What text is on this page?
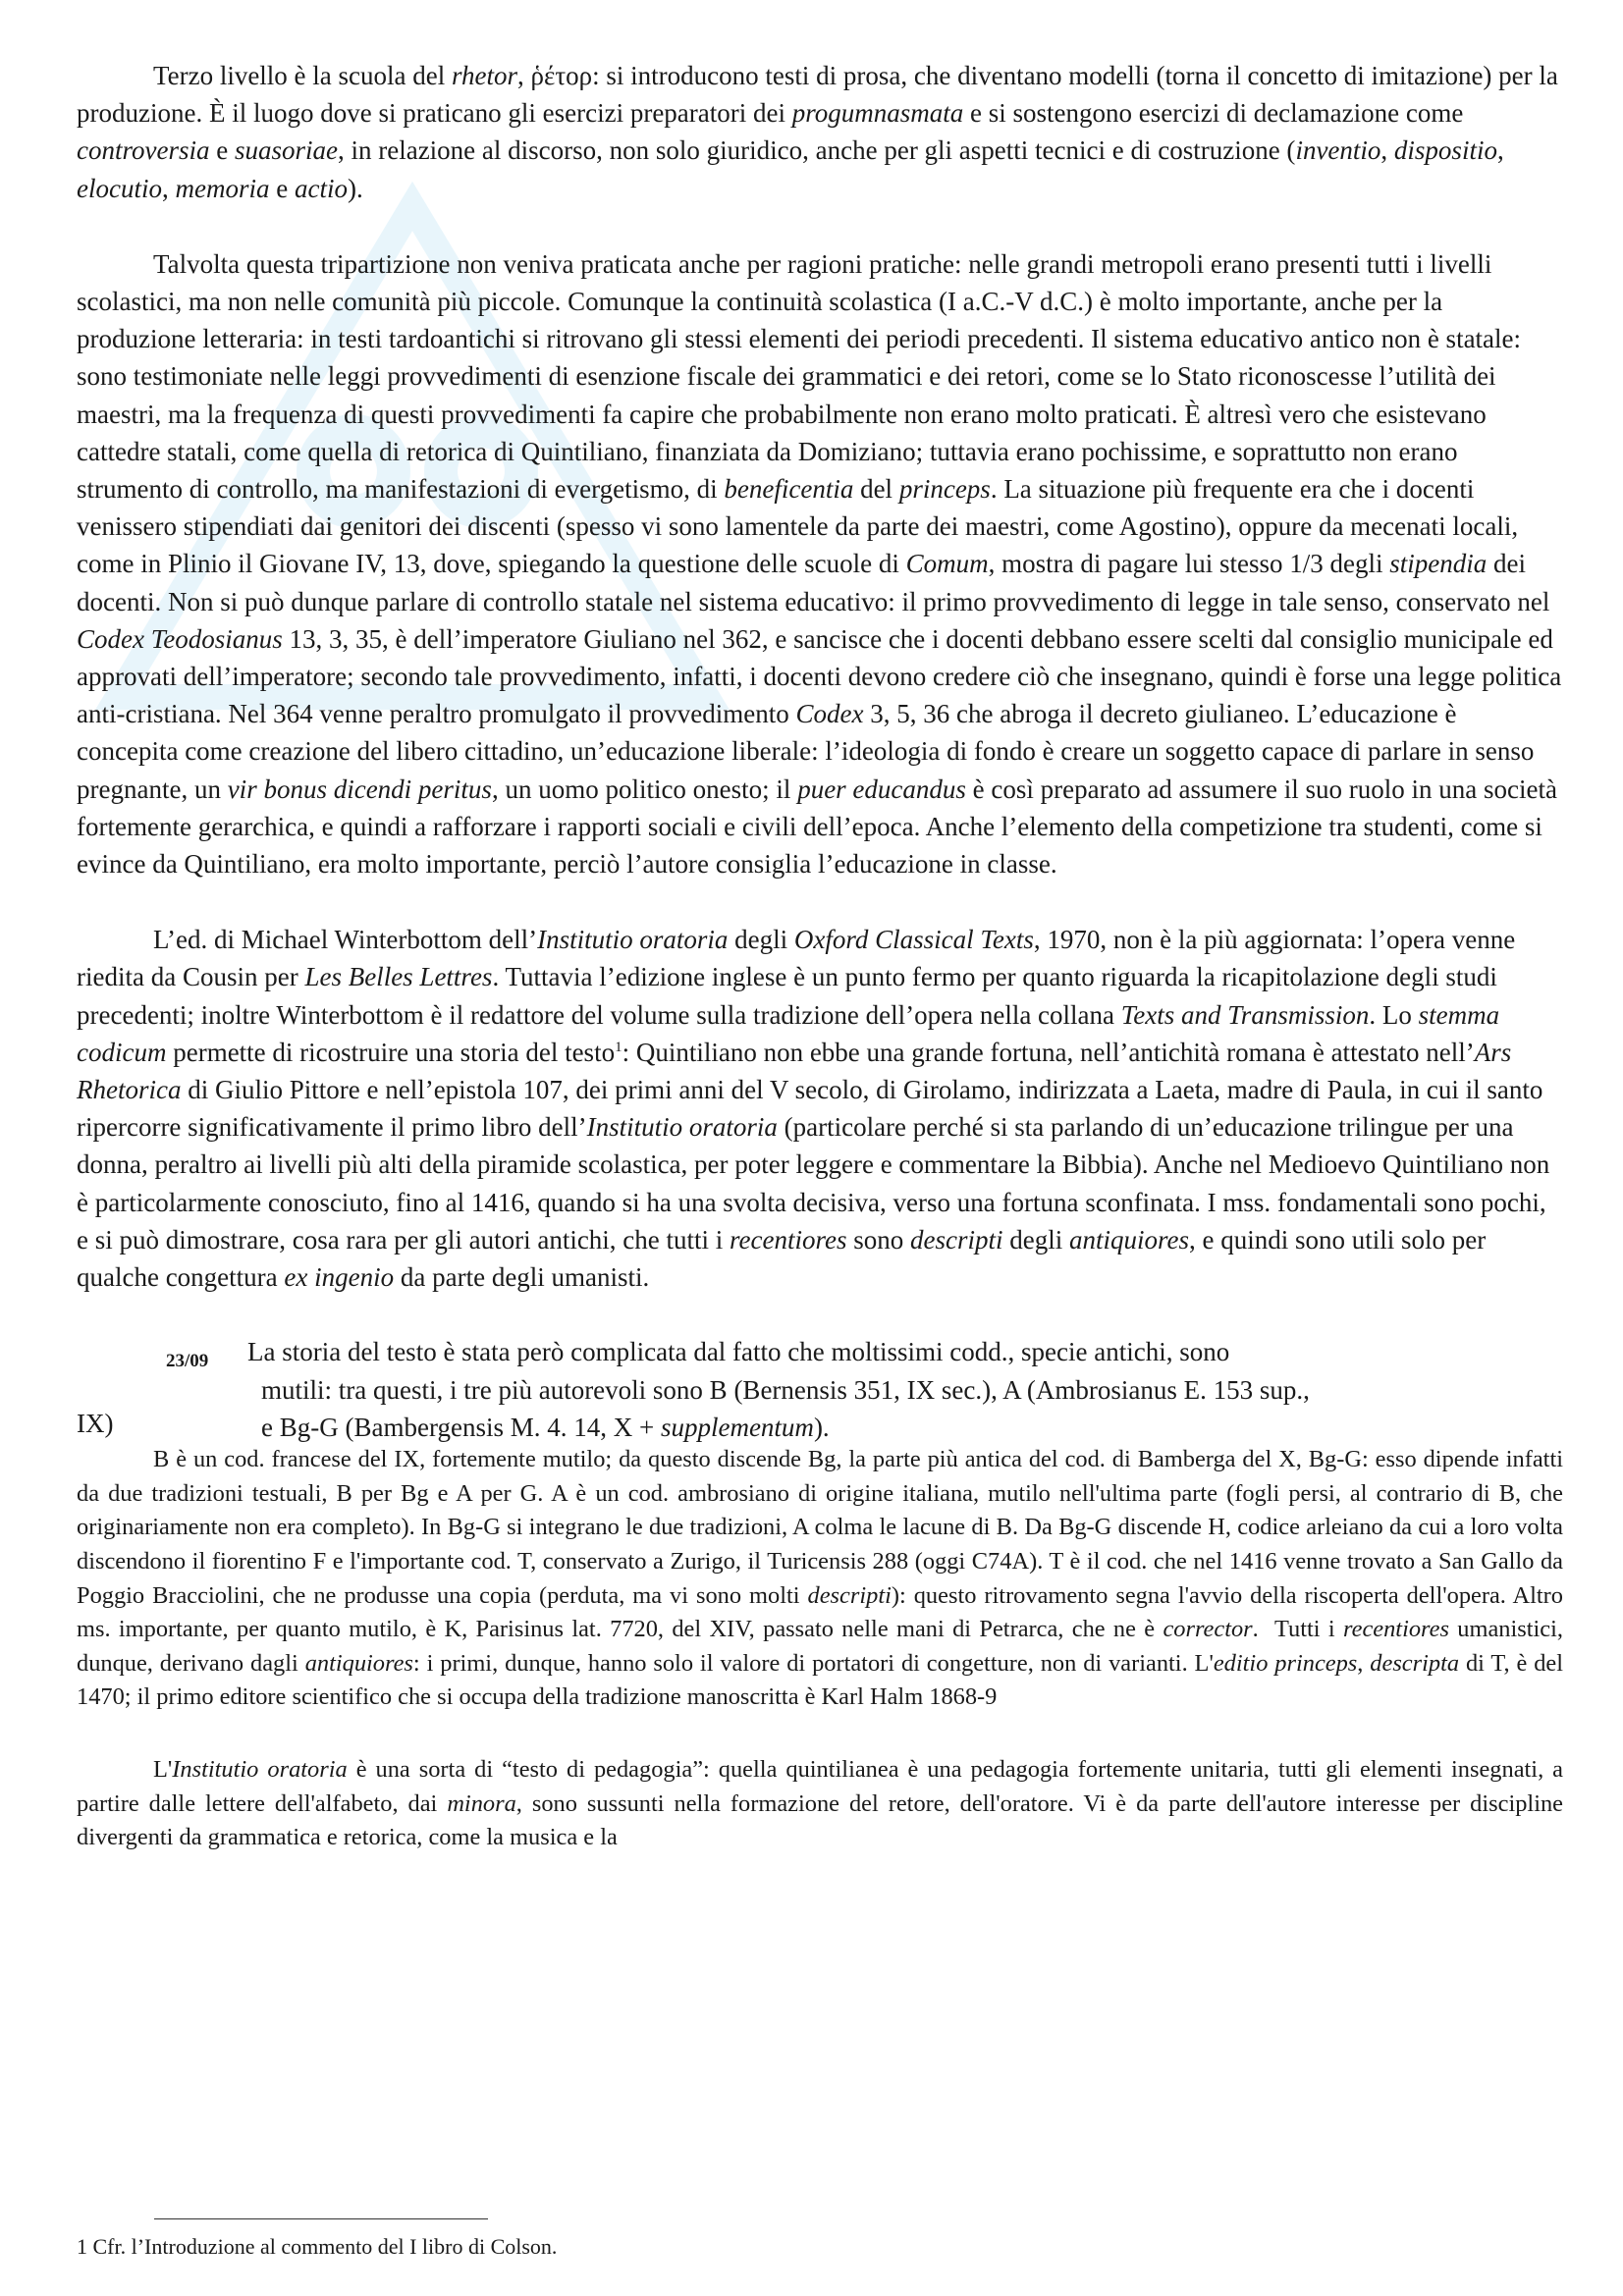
Terzo livello è la scuola del rhetor, ῥέτορ: si introducono testi di prosa, che diventano modelli (torna il concetto di imitazione) per la produzione. È il luogo dove si praticano gli esercizi preparatori dei progumnasmata e si sostengono esercizi di declamazione come controversia e suasoriae, in relazione al discorso, non solo giuridico, anche per gli aspetti tecnici e di costruzione (inventio, dispositio, elocutio, memoria e actio).

Talvolta questa tripartizione non veniva praticata anche per ragioni pratiche: nelle grandi metropoli erano presenti tutti i livelli scolastici, ma non nelle comunità più piccole. Comunque la continuità scolastica (I a.C.-V d.C.) è molto importante, anche per la produzione letteraria: in testi tardoantichi si ritrovano gli stessi elementi dei periodi precedenti. Il sistema educativo antico non è statale: sono testimoniate nelle leggi provvedimenti di esenzione fiscale dei grammatici e dei retori, come se lo Stato riconoscesse l’utilità dei maestri, ma la frequenza di questi provvedimenti fa capire che probabilmente non erano molto praticati. È altresì vero che esistevano cattedre statali, come quella di retorica di Quintiliano, finanziata da Domiziano; tuttavia erano pochissime, e soprattutto non erano strumento di controllo, ma manifestazioni di evergetismo, di beneficentia del princeps. La situazione più frequente era che i docenti venissero stipendiati dai genitori dei discenti (spesso vi sono lamentele da parte dei maestri, come Agostino), oppure da mecenati locali, come in Plinio il Giovane IV, 13, dove, spiegando la questione delle scuole di Comum, mostra di pagare lui stesso 1/3 degli stipendia dei docenti. Non si può dunque parlare di controllo statale nel sistema educativo: il primo provvedimento di legge in tale senso, conservato nel Codex Teodosianus 13, 3, 35, è dell’imperatore Giuliano nel 362, e sancisce che i docenti debbano essere scelti dal consiglio municipale ed approvati dell’imperatore; secondo tale provvedimento, infatti, i docenti devono credere ciò che insegnano, quindi è forse una legge politica anti-cristiana. Nel 364 venne peraltro promulgato il provvedimento Codex 3, 5, 36 che abroga il decreto giulianeo. L’educazione è concepita come creazione del libero cittadino, un’educazione liberale: l’ideologia di fondo è creare un soggetto capace di parlare in senso pregnante, un vir bonus dicendi peritus, un uomo politico onesto; il puer educandus è così preparato ad assumere il suo ruolo in una società fortemente gerarchica, e quindi a rafforzare i rapporti sociali e civili dell’epoca. Anche l’elemento della competizione tra studenti, come si evince da Quintiliano, era molto importante, perciò l’autore consiglia l’educazione in classe.

L’ed. di Michael Winterbottom dell’Institutio oratoria degli Oxford Classical Texts, 1970, non è la più aggiornata: l’opera venne riedita da Cousin per Les Belles Lettres. Tuttavia l’edizione inglese è un punto fermo per quanto riguarda la ricapitolazione degli studi precedenti; inoltre Winterbottom è il redattore del volume sulla tradizione dell’opera nella collana Texts and Transmission. Lo stemma codicum permette di ricostruire una storia del testo$^1$: Quintiliano non ebbe una grande fortuna, nell’antichità romana è attestato nell’Ars Rhetorica di Giulio Pittore e nell’epistola 107, dei primi anni del V secolo, di Girolamo, indirizzata a Laeta, madre di Paula, in cui il santo ripercorre significativamente il primo libro dell’Institutio oratoria (particolare perché si sta parlando di un’educazione trilingue per una donna, peraltro ai livelli più alti della piramide scolastica, per poter leggere e commentare la Bibbia). Anche nel Medioevo Quintiliano non è particolarmente conosciuto, fino al 1416, quando si ha una svolta decisiva, verso una fortuna sconfinata. I mss. fondamentali sono pochi, e si può dimostrare, cosa rara per gli autori antichi, che tutti i recentiores sono descripti degli antiquiores, e quindi sono utili solo per qualche congettura ex ingenio da parte degli umanisti.

23/09
IX)
La storia del testo è stata però complicata dal fatto che moltissimi codd., specie antichi, sono
mutili: tra questi, i tre più autorevoli sono B (Bernensis 351, IX sec.), A (Ambrosianus E. 153 sup.,
e Bg-G (Bambergensis M. 4. 14, X + supplementum).

B è un cod. francese del IX, fortemente mutilo; da questo discende Bg, la parte più antica del cod. di Bamberga del X, Bg-G: esso dipende infatti da due tradizioni testuali, B per Bg e A per G. A è un cod. ambrosiano di origine italiana, mutilo nell'ultima parte (fogli persi, al contrario di B, che originariamente non era completo). In Bg-G si integrano le due tradizioni, A colma le lacune di B. Da Bg-G discende H, codice arleiano da cui a loro volta discendono il fiorentino F e l'importante cod. T, conservato a Zurigo, il Turicensis 288 (oggi C74A). T è il cod. che nel 1416 venne trovato a San Gallo da Poggio Bracciolini, che ne produsse una copia (perduta, ma vi sono molti descripti): questo ritrovamento segna l'avvio della riscoperta dell'opera. Altro ms. importante, per quanto mutilo, è K, Parisinus lat. 7720, del XIV, passato nelle mani di Petrarca, che ne è corrector.  Tutti i recentiores umanistici, dunque, derivano dagli antiquiores: i primi, dunque, hanno solo il valore di portatori di congetture, non di varianti. L'editio princeps, descripta di T, è del 1470; il primo editore scientifico che si occupa della tradizione manoscritta è Karl Halm 1868-9

L'Institutio oratoria è una sorta di “testo di pedagogia”: quella quintilianea è una pedagogia fortemente unitaria, tutti gli elementi insegnati, a partire dalle lettere dell'alfabeto, dai minora, sono sussunti nella formazione del retore, dell'oratore. Vi è da parte dell'autore interesse per discipline divergenti da grammatica e retorica, come la musica e la

1 Cfr. l’Introduzione al commento del I libro di Colson.
